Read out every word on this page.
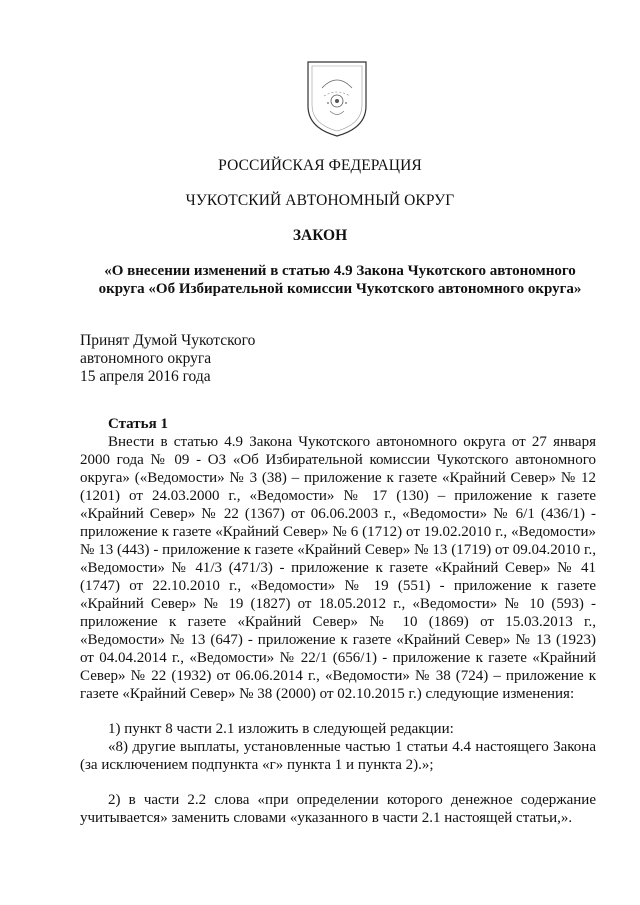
РОССИЙСКАЯ ФЕДЕРАЦИЯ
ЧУКОТСКИЙ АВТОНОМНЫЙ ОКРУГ
ЗАКОН
«О внесении изменений в статью 4.9 Закона Чукотского автономного
округа «Об Избирательной комиссии Чукотского автономного округа»
Принят Думой Чукотского
автономного округа
15 апреля 2016 года
Статья 1

Внести в статью 4.9 Закона Чукотского автономного округа от 27 января 2000 года № 09 - ОЗ «Об Избирательной комиссии Чукотского автономного округа» («Ведомости» № 3 (38) – приложение к газете «Крайний Север» № 12 (1201) от 24.03.2000 г., «Ведомости» № 17 (130) – приложение к газете «Крайний Север» № 22 (1367) от 06.06.2003 г., «Ведомости» № 6/1 (436/1) - приложение к газете «Крайний Север» № 6 (1712) от 19.02.2010 г., «Ведомости» № 13 (443) - приложение к газете «Крайний Север» № 13 (1719) от 09.04.2010 г., «Ведомости» № 41/3 (471/3) - приложение к газете «Крайний Север» № 41 (1747) от 22.10.2010 г., «Ведомости» № 19 (551) - приложение к газете «Крайний Север» № 19 (1827) от 18.05.2012 г., «Ведомости» № 10 (593) - приложение к газете «Крайний Север» № 10 (1869) от 15.03.2013 г., «Ведомости» № 13 (647) - приложение к газете «Крайний Север» № 13 (1923) от 04.04.2014 г., «Ведомости» № 22/1 (656/1) - приложение к газете «Крайний Север» № 22 (1932) от 06.06.2014 г., «Ведомости» № 38 (724) – приложение к газете «Крайний Север» № 38 (2000) от 02.10.2015 г.) следующие изменения:

1) пункт 8 части 2.1 изложить в следующей редакции:

«8) другие выплаты, установленные частью 1 статьи 4.4 настоящего Закона (за исключением подпункта «г» пункта 1 и пункта 2).»;

2) в части 2.2 слова «при определении которого денежное содержание учитывается» заменить словами «указанного в части 2.1 настоящей статьи,».
